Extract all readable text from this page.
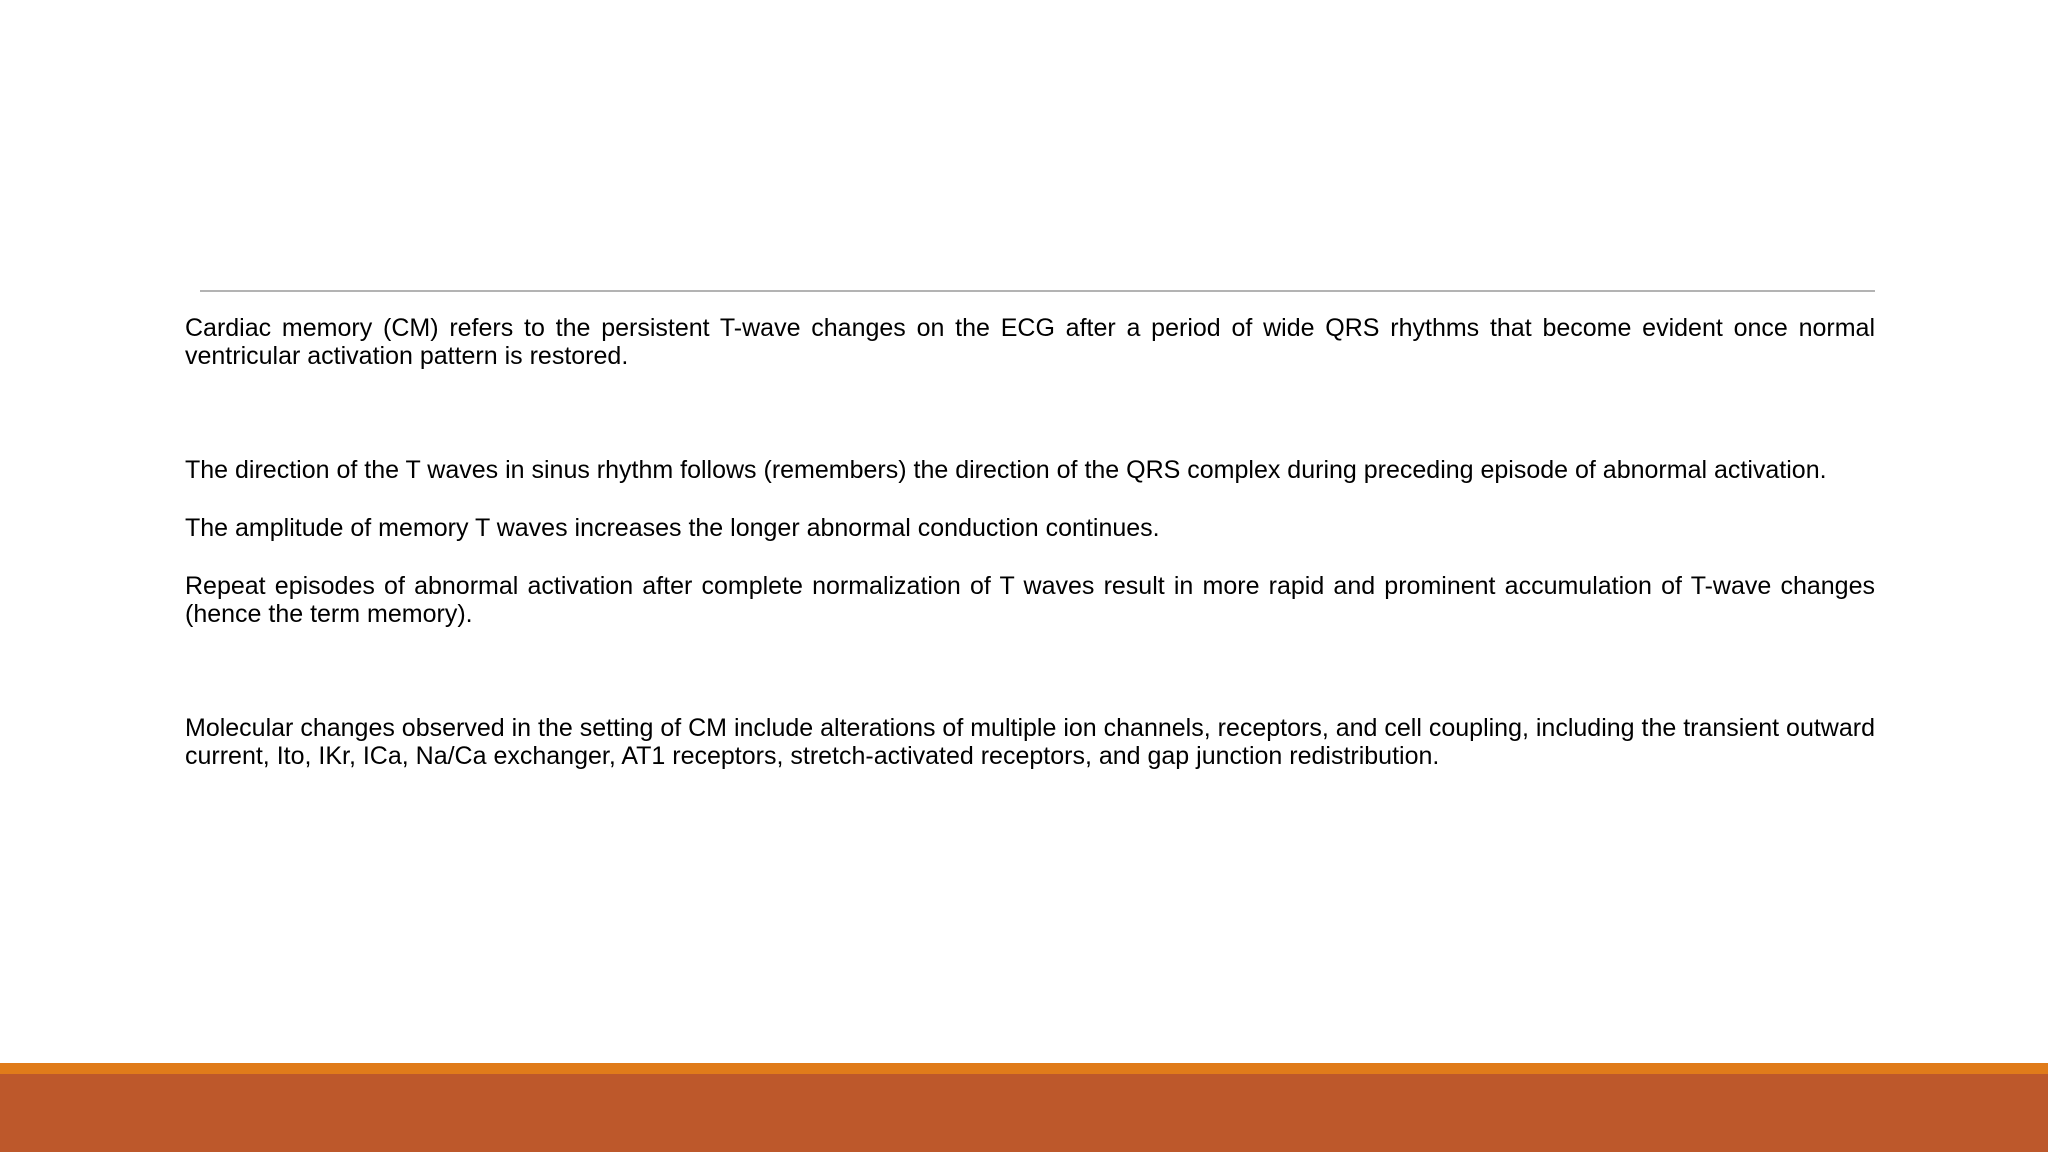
Cardiac memory (CM) refers to the persistent T-wave changes on the ECG after a period of wide QRS rhythms that become evident once normal ventricular activation pattern is restored.

The direction of the T waves in sinus rhythm follows (remembers) the direction of the QRS complex during preceding episode of abnormal activation.

The amplitude of memory T waves increases the longer abnormal conduction continues.

Repeat episodes of abnormal activation after complete normalization of T waves result in more rapid and prominent accumulation of T-wave changes (hence the term memory).

Molecular changes observed in the setting of CM include alterations of multiple ion channels, receptors, and cell coupling, including the transient outward current, Ito, IKr, ICa, Na/Ca exchanger, AT1 receptors, stretch-activated receptors, and gap junction redistribution.
